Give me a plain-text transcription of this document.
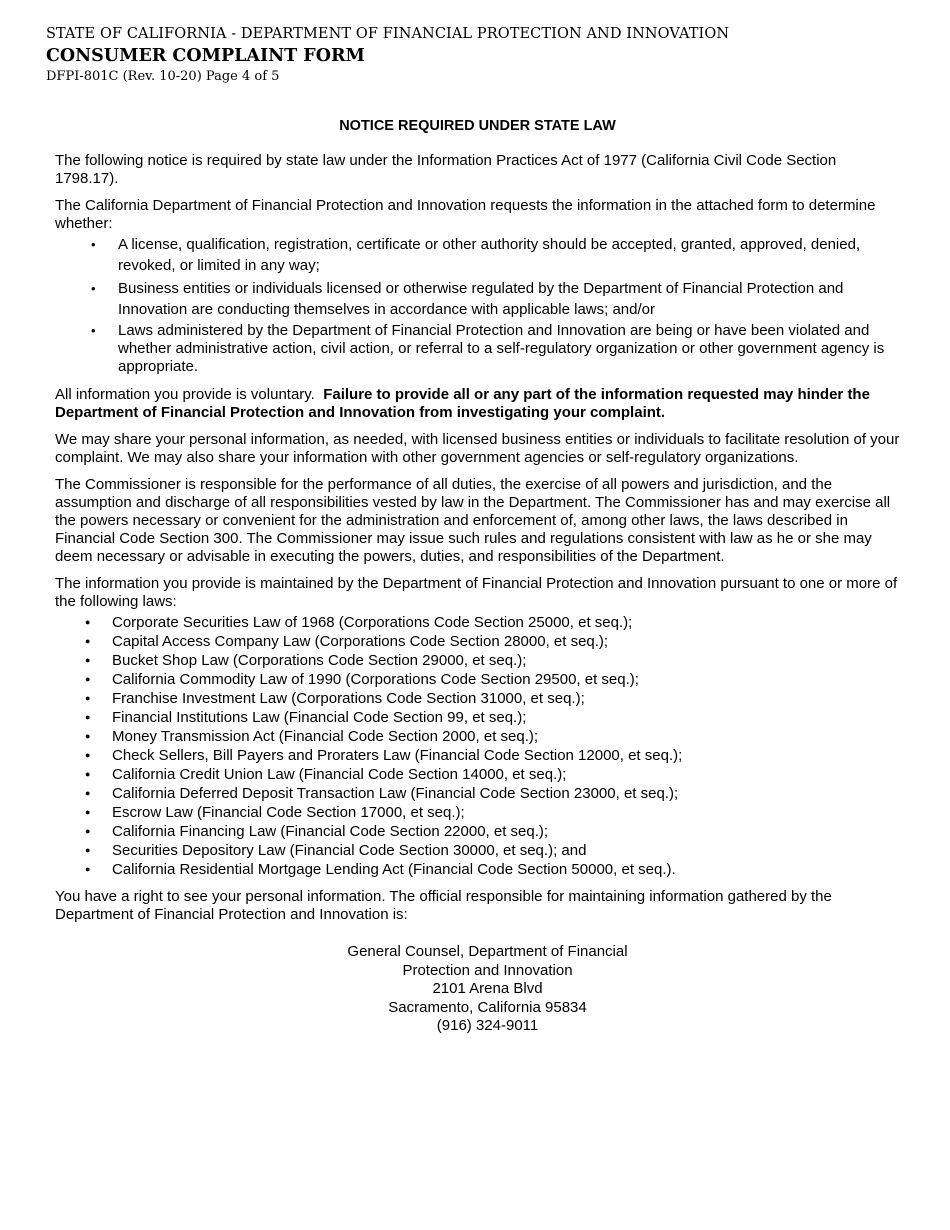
STATE OF CALIFORNIA - DEPARTMENT OF FINANCIAL PROTECTION AND INNOVATION
CONSUMER COMPLAINT FORM
DFPI-801C (Rev. 10-20) Page 4 of 5
NOTICE REQUIRED UNDER STATE LAW

The following notice is required by state law under the Information Practices Act of 1977 (California Civil Code Section 1798.17).

The California Department of Financial Protection and Innovation requests the information in the attached form to determine whether:

• A license, qualification, registration, certificate or other authority should be accepted, granted, approved, denied, revoked, or limited in any way;
• Business entities or individuals licensed or otherwise regulated by the Department of Financial Protection and Innovation are conducting themselves in accordance with applicable laws; and/or
• Laws administered by the Department of Financial Protection and Innovation are being or have been violated and whether administrative action, civil action, or referral to a self-regulatory organization or other government agency is appropriate.

All information you provide is voluntary. Failure to provide all or any part of the information requested may hinder the Department of Financial Protection and Innovation from investigating your complaint.

We may share your personal information, as needed, with licensed business entities or individuals to facilitate resolution of your complaint. We may also share your information with other government agencies or self-regulatory organizations.

The Commissioner is responsible for the performance of all duties, the exercise of all powers and jurisdiction, and the assumption and discharge of all responsibilities vested by law in the Department. The Commissioner has and may exercise all the powers necessary or convenient for the administration and enforcement of, among other laws, the laws described in Financial Code Section 300. The Commissioner may issue such rules and regulations consistent with law as he or she may deem necessary or advisable in executing the powers, duties, and responsibilities of the Department.

The information you provide is maintained by the Department of Financial Protection and Innovation pursuant to one or more of the following laws:

● Corporate Securities Law of 1968 (Corporations Code Section 25000, et seq.);
● Capital Access Company Law (Corporations Code Section 28000, et seq.);
● Bucket Shop Law (Corporations Code Section 29000, et seq.);
● California Commodity Law of 1990 (Corporations Code Section 29500, et seq.);
● Franchise Investment Law (Corporations Code Section 31000, et seq.);
● Financial Institutions Law (Financial Code Section 99, et seq.);
● Money Transmission Act (Financial Code Section 2000, et seq.);
● Check Sellers, Bill Payers and Proraters Law (Financial Code Section 12000, et seq.);
● California Credit Union Law (Financial Code Section 14000, et seq.);
● California Deferred Deposit Transaction Law (Financial Code Section 23000, et seq.);
● Escrow Law (Financial Code Section 17000, et seq.);
● California Financing Law (Financial Code Section 22000, et seq.);
● Securities Depository Law (Financial Code Section 30000, et seq.); and
● California Residential Mortgage Lending Act (Financial Code Section 50000, et seq.).

You have a right to see your personal information. The official responsible for maintaining information gathered by the Department of Financial Protection and Innovation is:

General Counsel, Department of Financial
Protection and Innovation
2101 Arena Blvd
Sacramento, California 95834
(916) 324-9011
